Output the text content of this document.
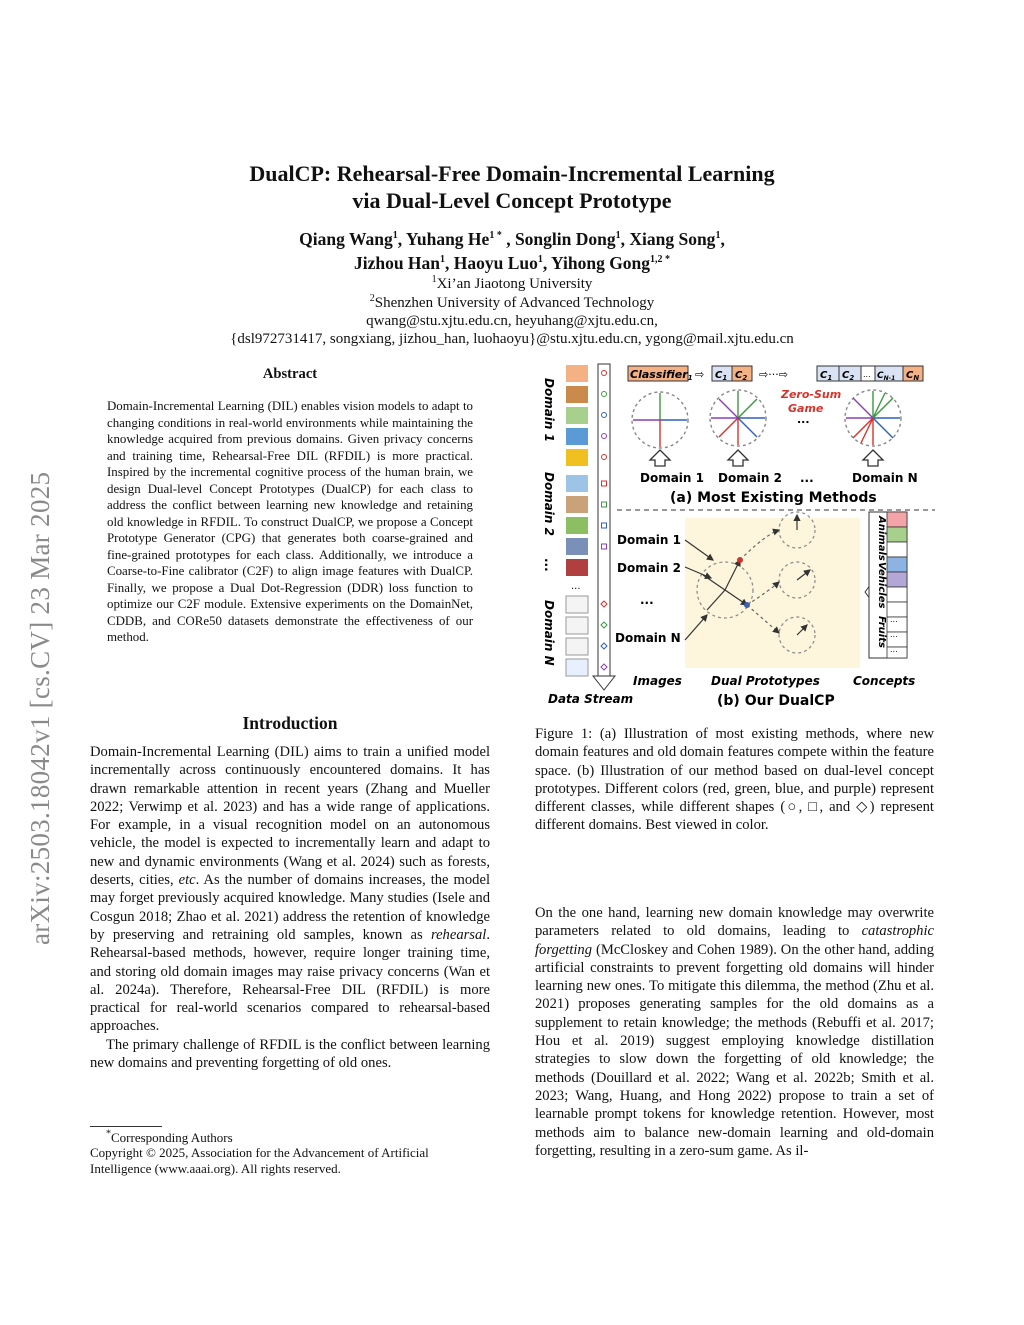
arXiv:2503.18042v1 [cs.CV] 23 Mar 2025
DualCP: Rehearsal-Free Domain-Incremental Learning
via Dual-Level Concept Prototype
Qiang Wang$^1$, Yuhang $He^{1 *}$ , Songlin Dong$^1$, Xiang Song$^1$,
Jizhou Han$^1$, Haoyu Luo$^1$, Yihong Gong$^{1,2 *}$
$^1$Xi’an Jiaotong University
$^2$Shenzhen University of Advanced Technology
qwang@stu.xjtu.edu.cn, heyuhang@xjtu.edu.cn,
{dsl972731417, songxiang, jizhou_han, luohaoyu}@stu.xjtu.edu.cn, ygong@mail.xjtu.edu.cn
Abstract
Domain-Incremental Learning (DIL) enables vision models to adapt to changing conditions in real-world environments while maintaining the knowledge acquired from previous domains. Given privacy concerns and training time, Rehearsal-Free DIL (RFDIL) is more practical. Inspired by the incremental cognitive process of the human brain, we design Dual-level Concept Prototypes (DualCP) for each class to address the conflict between learning new knowledge and retaining old knowledge in RFDIL. To construct DualCP, we propose a Concept Prototype Generator (CPG) that generates both coarse-grained and fine-grained prototypes for each class. Additionally, we introduce a Coarse-to-Fine calibrator (C2F) to align image features with DualCP. Finally, we propose a Dual Dot-Regression (DDR) loss function to optimize our C2F module. Extensive experiments on the DomainNet, CDDB, and CORe50 datasets demonstrate the effectiveness of our method.
Introduction

Domain-Incremental Learning (DIL) aims to train a unified model incrementally across continuously encountered domains. It has drawn remarkable attention in recent years (Zhang and Mueller 2022; Verwimp et al. 2023) and has a wide range of applications. For example, in a visual recognition model on an autonomous vehicle, the model is expected to incrementally learn and adapt to new and dynamic environments (Wang et al. 2024) such as forests, deserts, cities, etc. As the number of domains increases, the model may forget previously acquired knowledge. Many studies (Isele and Cosgun 2018; Zhao et al. 2021) address the retention of knowledge by preserving and retraining old samples, known as rehearsal. Rehearsal-based methods, however, require longer training time, and storing old domain images may raise privacy concerns (Wan et al. 2024a). Therefore, Rehearsal-Free DIL (RFDIL) is more practical for real-world scenarios compared to rehearsal-based approaches.

The primary challenge of RFDIL is the conflict between learning new domains and preventing forgetting of old ones.

*Corresponding Authors
Copyright © 2025, Association for the Advancement of Artificial Intelligence (www.aaai.org). All rights reserved.
Domain 1
Domain 2
...
Domain N
...
Data Stream
Classifier1 ⇨ $C_1$ $C_2$ ⇨···⇨	$C_1$ $C_2$ ... $C_{N-1}$ $C_N$
Zero-Sum
Game
...
Domain 1 Domain 2 ...	Domain N
(a) Most Existing Methods
Domain 1
Domain 2
...
Domain N
Animals
Vehicles
Fruits ...
...
...
Images Dual Prototypes	Concepts
(b) Our DualCP
Figure 1: (a) Illustration of most existing methods, where new domain features and old domain features compete within the feature space. (b) Illustration of our method based on dual-level concept prototypes. Different colors (red, green, blue, and purple) represent different classes, while different shapes (○, □, and ◇) represent different domains. Best viewed in color.

On the one hand, learning new domain knowledge may overwrite parameters related to old domains, leading to catastrophic forgetting (McCloskey and Cohen 1989). On the other hand, adding artificial constraints to prevent forgetting old domains will hinder learning new ones. To mitigate this dilemma, the method (Zhu et al. 2021) proposes generating samples for the old domains as a supplement to retain knowledge; the methods (Rebuffi et al. 2017; Hou et al. 2019) suggest employing knowledge distillation strategies to slow down the forgetting of old knowledge; the methods (Douillard et al. 2022; Wang et al. 2022b; Smith et al. 2023; Wang, Huang, and Hong 2022) propose to train a set of learnable prompt tokens for knowledge retention. However, most methods aim to balance new-domain learning and old-domain forgetting, resulting in a zero-sum game. As il-
